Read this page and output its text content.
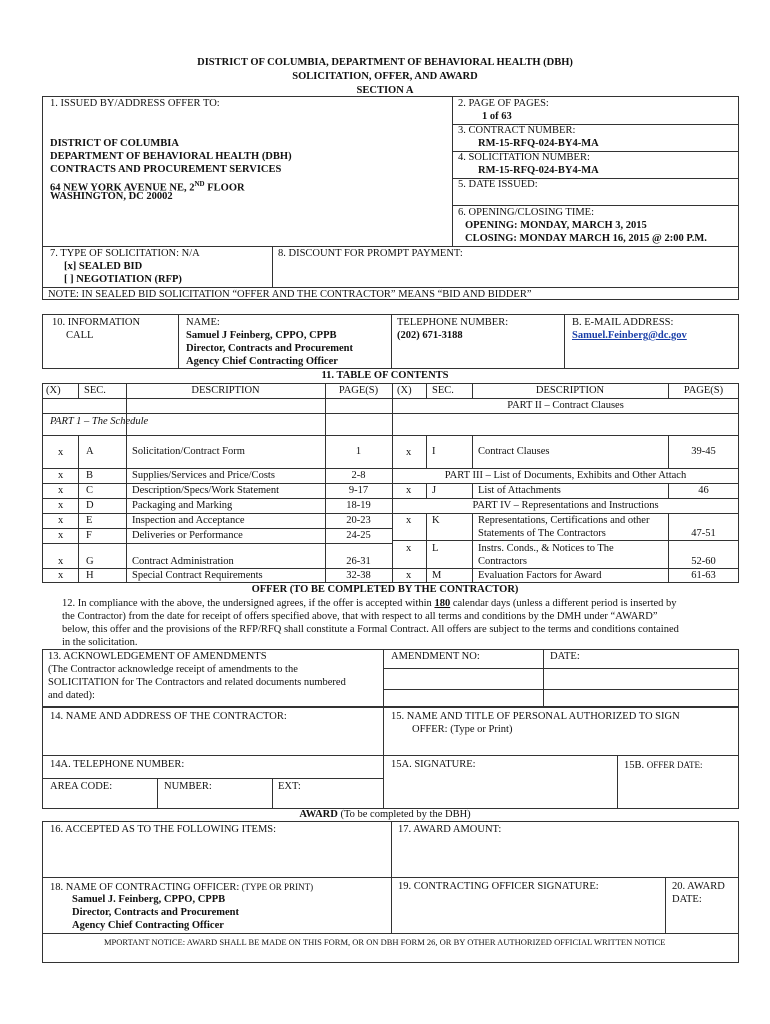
DISTRICT OF COLUMBIA, DEPARTMENT OF BEHAVIORAL HEALTH (DBH)
SOLICITATION, OFFER, AND AWARD
SECTION A
1. ISSUED BY/ADDRESS OFFER TO:
DISTRICT OF COLUMBIA
DEPARTMENT OF BEHAVIORAL HEALTH (DBH)
CONTRACTS AND PROCUREMENT SERVICES
64 NEW YORK AVENUE NE, 2ND FLOOR
WASHINGTON, DC 20002
2. PAGE OF PAGES:
1 of 63
3. CONTRACT NUMBER:
RM-15-RFQ-024-BY4-MA
4. SOLICITATION NUMBER:
RM-15-RFQ-024-BY4-MA
5. DATE ISSUED:
6. OPENING/CLOSING TIME:
OPENING: MONDAY, MARCH 3, 2015
CLOSING: MONDAY MARCH 16, 2015 @ 2:00 P.M.
7. TYPE OF SOLICITATION: N/A
[x] SEALED BID
[ ] NEGOTIATION (RFP)
8. DISCOUNT FOR PROMPT PAYMENT:
NOTE: IN SEALED BID SOLICITATION “OFFER AND THE CONTRACTOR” MEANS “BID AND BIDDER”
10. INFORMATION
CALL
NAME:
Samuel J Feinberg, CPPO, CPPB
Director, Contracts and Procurement
Agency Chief Contracting Officer
TELEPHONE NUMBER:
(202) 671-3188
B. E-MAIL ADDRESS:
Samuel.Feinberg@dc.gov
11. TABLE OF CONTENTS
(X) SEC.	DESCRIPTION	PAGE(S)	(X) SEC.	DESCRIPTION	PAGE(S)
PART 1 – The Schedule
PART II – Contract Clauses
PART III – List of Documents, Exhibits and Other Attach
PART IV – Representations and Instructions
x A	Solicitation/Contract Form	1
x B	Supplies/Services and Price/Costs	2-8
x C	Description/Specs/Work Statement	9-17
x D	Packaging and Marking	18-19
x E	Inspection and Acceptance	20-23
x F	Deliveries or Performance	24-25
x G	Contract Administration	26-31
x H	Special Contract Requirements	32-38
x I	Contract Clauses	39-45
x J	List of Attachments	46
x K	Representations, Certifications and other
Statements of The Contractors	47-51
x L	Instrs. Conds., & Notices to The
Contractors	52-60
x M	Evaluation Factors for Award	61-63
OFFER (TO BE COMPLETED BY THE CONTRACTOR)
12. In compliance with the above, the undersigned agrees, if the offer is accepted within 180 calendar days (unless a different period is inserted by
the Contractor) from the date for receipt of offers specified above, that with respect to all terms and conditions by the DMH under “AWARD”
below, this offer and the provisions of the RFP/RFQ shall constitute a Formal Contract. All offers are subject to the terms and conditions contained
in the solicitation.
13. ACKNOWLEDGEMENT OF AMENDMENTS
(The Contractor acknowledge receipt of amendments to the
SOLICITATION for The Contractors and related documents numbered
and dated):
AMENDMENT NO:	DATE:
14. NAME AND ADDRESS OF THE CONTRACTOR:	15. NAME AND TITLE OF PERSONAL AUTHORIZED TO SIGN
OFFER: (Type or Print)
14A. TELEPHONE NUMBER:
AREA CODE:	NUMBER:	EXT:
15A. SIGNATURE:	15B. OFFER DATE:
AWARD (To be completed by the DBH)
16. ACCEPTED AS TO THE FOLLOWING ITEMS:	17. AWARD AMOUNT:
18. NAME OF CONTRACTING OFFICER: (TYPE OR PRINT)
Samuel J. Feinberg, CPPO, CPPB
Director, Contracts and Procurement
Agency Chief Contracting Officer
19. CONTRACTING OFFICER SIGNATURE:	20. AWARD
DATE:
MPORTANT NOTICE: AWARD SHALL BE MADE ON THIS FORM, OR ON DBH FORM 26, OR BY OTHER AUTHORIZED OFFICIAL WRITTEN NOTICE
